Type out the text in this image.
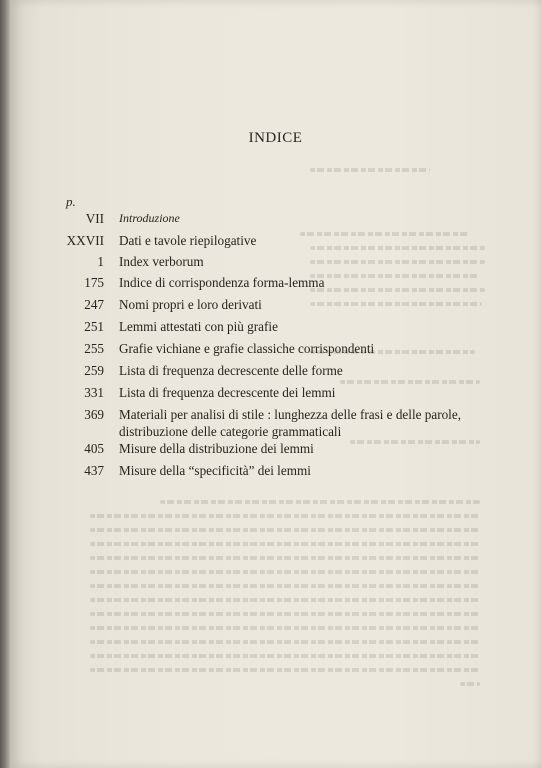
INDICE
p.
VII Introduzione
XXVII Dati e tavole riepilogative
1 Index verborum
175 Indice di corrispondenza forma-lemma
247 Nomi propri e loro derivati
251 Lemmi attestati con più grafie
255 Grafie vichiane e grafie classiche corrispondenti
259 Lista di frequenza decrescente delle forme
331 Lista di frequenza decrescente dei lemmi
369 Materiali per analisi di stile : lunghezza delle frasi e delle parole, distribuzione delle categorie grammaticali
405 Misure della distribuzione dei lemmi
437 Misure della “specificità” dei lemmi
